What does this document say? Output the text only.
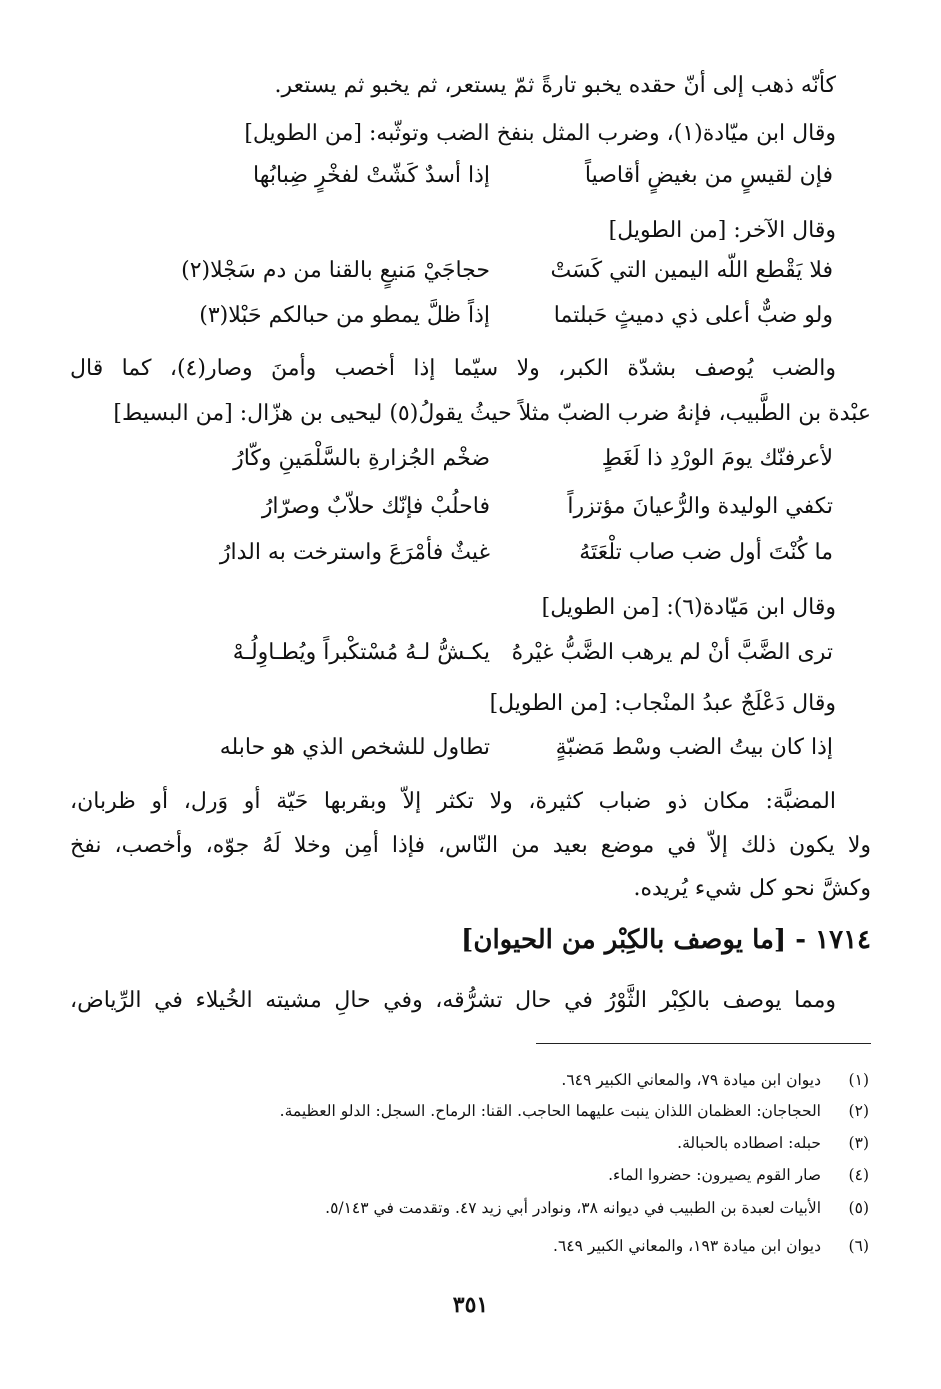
كأنّه ذهب إلى أنّ حقده يخبو تارةً ثمّ يستعر، ثم يخبو ثم يستعر.
وقال ابن ميّادة(١)، وضرب المثل بنفخ الضب وتوثّبه: [من الطويل]
فإن لقيسٍ من بغيضٍ أقاصياً
إذا أسدٌ كَشّتْ لفخْرٍ ضِبابُها
وقال الآخر: [من الطويل]
فلا يَقْطع اللّه اليمين التي كَسَتْ
حجاجَيْ مَنيعٍ بالقنا من دم سَجْلا(٢)
ولو ضبٌّ أعلى ذي دميثٍ حَبلتما
إذاً ظلَّ يمطو من حبالكم حَبْلا(٣)
والضب يُوصف بشدّة الكبر، ولا سيّما إذا أخصب وأمنَ وصار(٤)، كما قال
عبْدة بن الطَّبيب، فإنهُ ضرب الضبّ مثلاً حيثُ يقولُ(٥) ليحيى بن هزّال: [من البسيط]
لأعرفنّك يومَ الورْدِ ذا لَغَطٍ
ضخْم الجُزارةِ بالسَّلْمَينِ وكّارُ
تكفي الوليدة والرُّعيانَ مؤتزراً
فاحلُبْ فإنّك حلاّبٌ وصرّارُ
ما كُنْتَ أول ضب صاب تلْعَتَهُ
غيثٌ فأمْرَعَ واسترخت به الدارُ
وقال ابن مَيّادة(٦): [من الطويل]
ترى الضَّبَّ أنْ لم يرهب الضَّبُّ غيْرهُ
يكـشُّ لـهُ مُسْتكْبراً ويُطـاوِلُـهْ
وقال دَعْلَجٌ عبدُ المنْجاب: [من الطويل]
إذا كان بيتُ الضب وسْط مَضبّةٍ
تطاول للشخص الذي هو حابله
المضبَّة: مكان ذو ضباب كثيرة، ولا تكثر إلاّ وبقربها حَيّة أو وَرل، أو ظربان،
ولا يكون ذلك إلاّ في موضع بعيد من النّاس، فإذا أمِن وخلا لَهُ جوّه، وأخصب، نفخ
وكشَّ نحو كل شيء يُريده.
١٧١٤ - [ما يوصف بالكِبْر من الحيوان]
ومما يوصف بالكِبْر الثَّوْرُ في حال تشرُّقه، وفي حالِ مشيته الخُيلاء في الرِّياض،
(١)ديوان ابن ميادة ٧٩، والمعاني الكبير ٦٤٩.
(٢)الحجاجان: العظمان اللذان ينبت عليهما الحاجب. القنا: الرماح. السجل: الدلو العظيمة.
(٣)حبله: اصطاده بالحبالة.
(٤)صار القوم يصيرون: حضروا الماء.
(٥)الأبيات لعبدة بن الطبيب في ديوانه ٣٨، ونوادر أبي زيد ٤٧. وتقدمت في ٥/١٤٣.
(٦)ديوان ابن ميادة ١٩٣، والمعاني الكبير ٦٤٩.
٣٥١
